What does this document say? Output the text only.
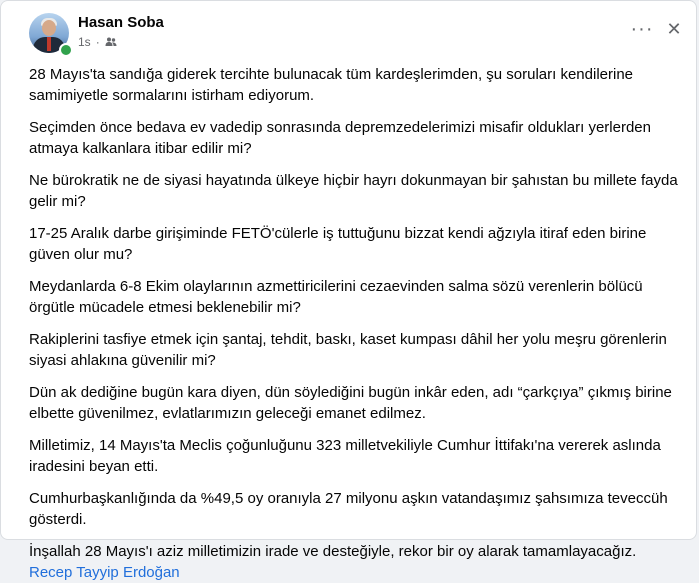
Hasan Soba
1s ·
··· ✕

28 Mayıs'ta sandığa giderek tercihte bulunacak tüm kardeşlerimden, şu soruları kendilerine samimiyetle sormalarını istirham ediyorum.

Seçimden önce bedava ev vadedip sonrasında depremzedelerimizi misafir oldukları yerlerden atmaya kalkanlara itibar edilir mi?

Ne bürokratik ne de siyasi hayatında ülkeye hiçbir hayrı dokunmayan bir şahıstan bu millete fayda gelir mi?

17-25 Aralık darbe girişiminde FETÖ'cülerle iş tuttuğunu bizzat kendi ağzıyla itiraf eden birine güven olur mu?

Meydanlarda 6-8 Ekim olaylarının azmettiricilerini cezaevinden salma sözü verenlerin bölücü örgütle mücadele etmesi beklenebilir mi?

Rakiplerini tasfiye etmek için şantaj, tehdit, baskı, kaset kumpası dâhil her yolu meşru görenlerin siyasi ahlakına güvenilir mi?

Dün ak dediğine bugün kara diyen, dün söylediğini bugün inkâr eden, adı “çarkçıya” çıkmış birine elbette güvenilmez, evlatlarımızın geleceği emanet edilmez.

Milletimiz, 14 Mayıs'ta Meclis çoğunluğunu 323 milletvekiliyle Cumhur İttifakı'na vererek aslında iradesini beyan etti.

Cumhurbaşkanlığında da %49,5 oy oranıyla 27 milyonu aşkın vatandaşımız şahsımıza teveccüh gösterdi.

İnşallah 28 Mayıs'ı aziz milletimizin irade ve desteğiyle, rekor bir oy alarak tamamlayacağız.

Recep Tayyip Erdoğan
